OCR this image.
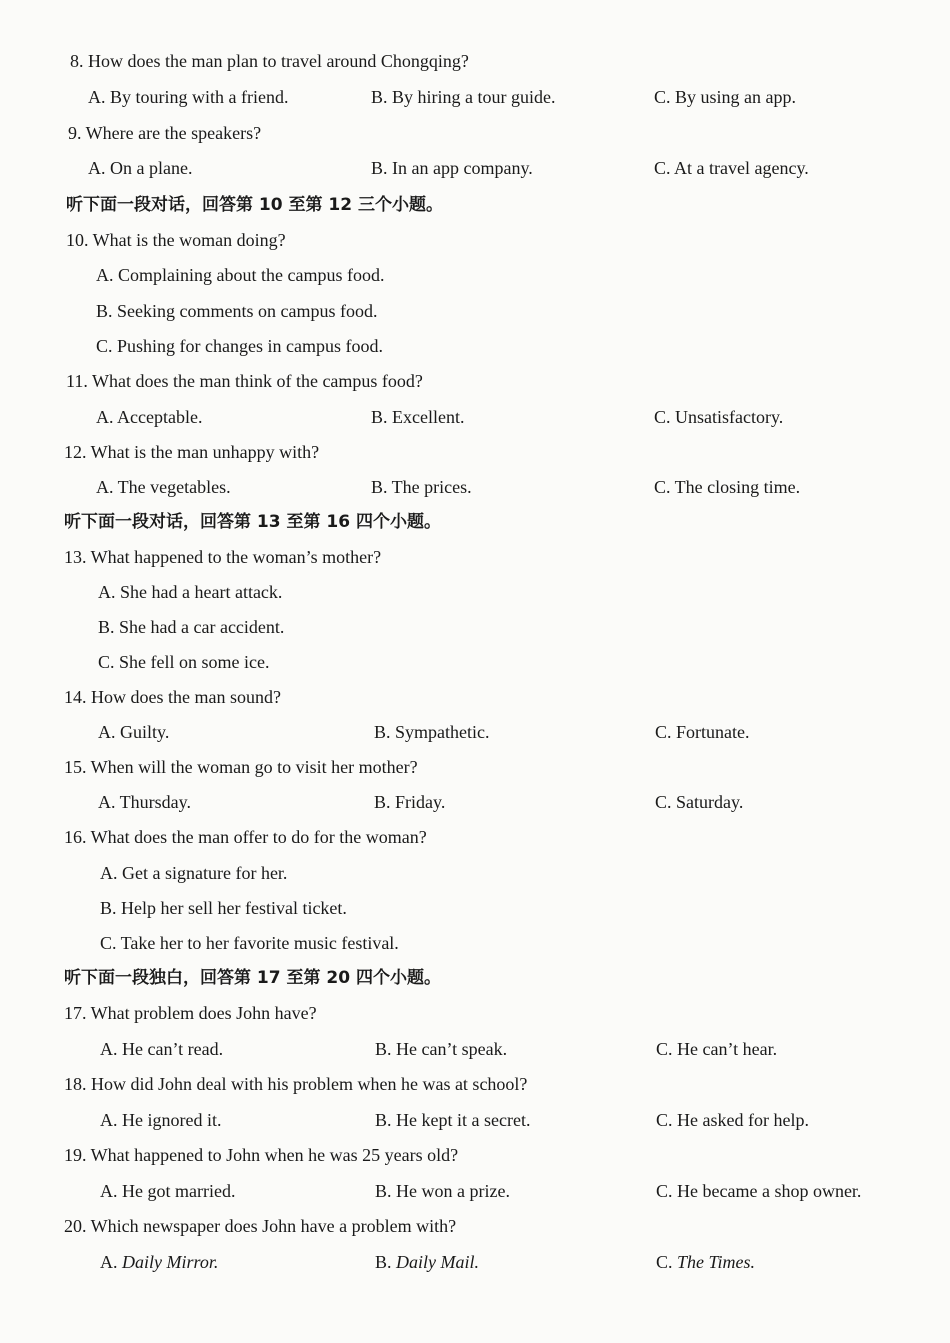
8. How does the man plan to travel around Chongqing?
A. By touring with a friend.	B. By hiring a tour guide.	C. By using an app.
9. Where are the speakers?
A. On a plane.	B. In an app company.	C. At a travel agency.
听下面一段对话，回答第 10 至第 12 三个小题。
10. What is the woman doing?
A. Complaining about the campus food.
B. Seeking comments on campus food.
C. Pushing for changes in campus food.
11. What does the man think of the campus food?
A. Acceptable.	B. Excellent.	C. Unsatisfactory.
12. What is the man unhappy with?
A. The vegetables.	B. The prices.	C. The closing time.
听下面一段对话，回答第 13 至第 16 四个小题。
13. What happened to the woman’s mother?
A. She had a heart attack.
B. She had a car accident.
C. She fell on some ice.
14. How does the man sound?
A. Guilty.	B. Sympathetic.	C. Fortunate.
15. When will the woman go to visit her mother?
A. Thursday.	B. Friday.	C. Saturday.
16. What does the man offer to do for the woman?
A. Get a signature for her.
B. Help her sell her festival ticket.
C. Take her to her favorite music festival.
听下面一段独白，回答第 17 至第 20 四个小题。
17. What problem does John have?
A. He can’t read.	B. He can’t speak.	C. He can’t hear.
18. How did John deal with his problem when he was at school?
A. He ignored it.	B. He kept it a secret.	C. He asked for help.
19. What happened to John when he was 25 years old?
A. He got married.	B. He won a prize.	C. He became a shop owner.
20. Which newspaper does John have a problem with?
A. Daily Mirror.	B. Daily Mail.	C. The Times.
